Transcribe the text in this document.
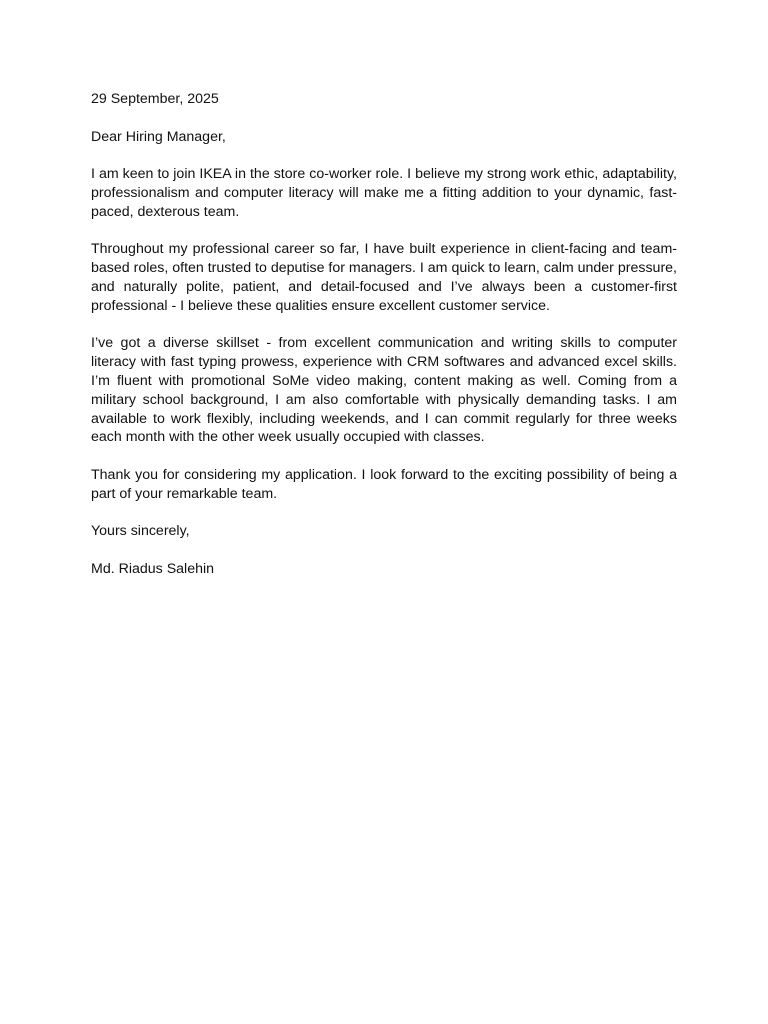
29 September, 2025

Dear Hiring Manager,

I am keen to join IKEA in the store co-worker role. I believe my strong work ethic, adaptability, professionalism and computer literacy will make me a fitting addition to your dynamic, fast-paced, dexterous team.

Throughout my professional career so far, I have built experience in client-facing and team-based roles, often trusted to deputise for managers. I am quick to learn, calm under pressure, and naturally polite, patient, and detail-focused and I’ve always been a customer-first professional - I believe these qualities ensure excellent customer service.

I’ve got a diverse skillset - from excellent communication and writing skills to computer literacy with fast typing prowess, experience with CRM softwares and advanced excel skills. I’m fluent with promotional SoMe video making, content making as well. Coming from a military school background, I am also comfortable with physically demanding tasks. I am available to work flexibly, including weekends, and I can commit regularly for three weeks each month with the other week usually occupied with classes.

Thank you for considering my application. I look forward to the exciting possibility of being a part of your remarkable team.

Yours sincerely,

Md. Riadus Salehin
